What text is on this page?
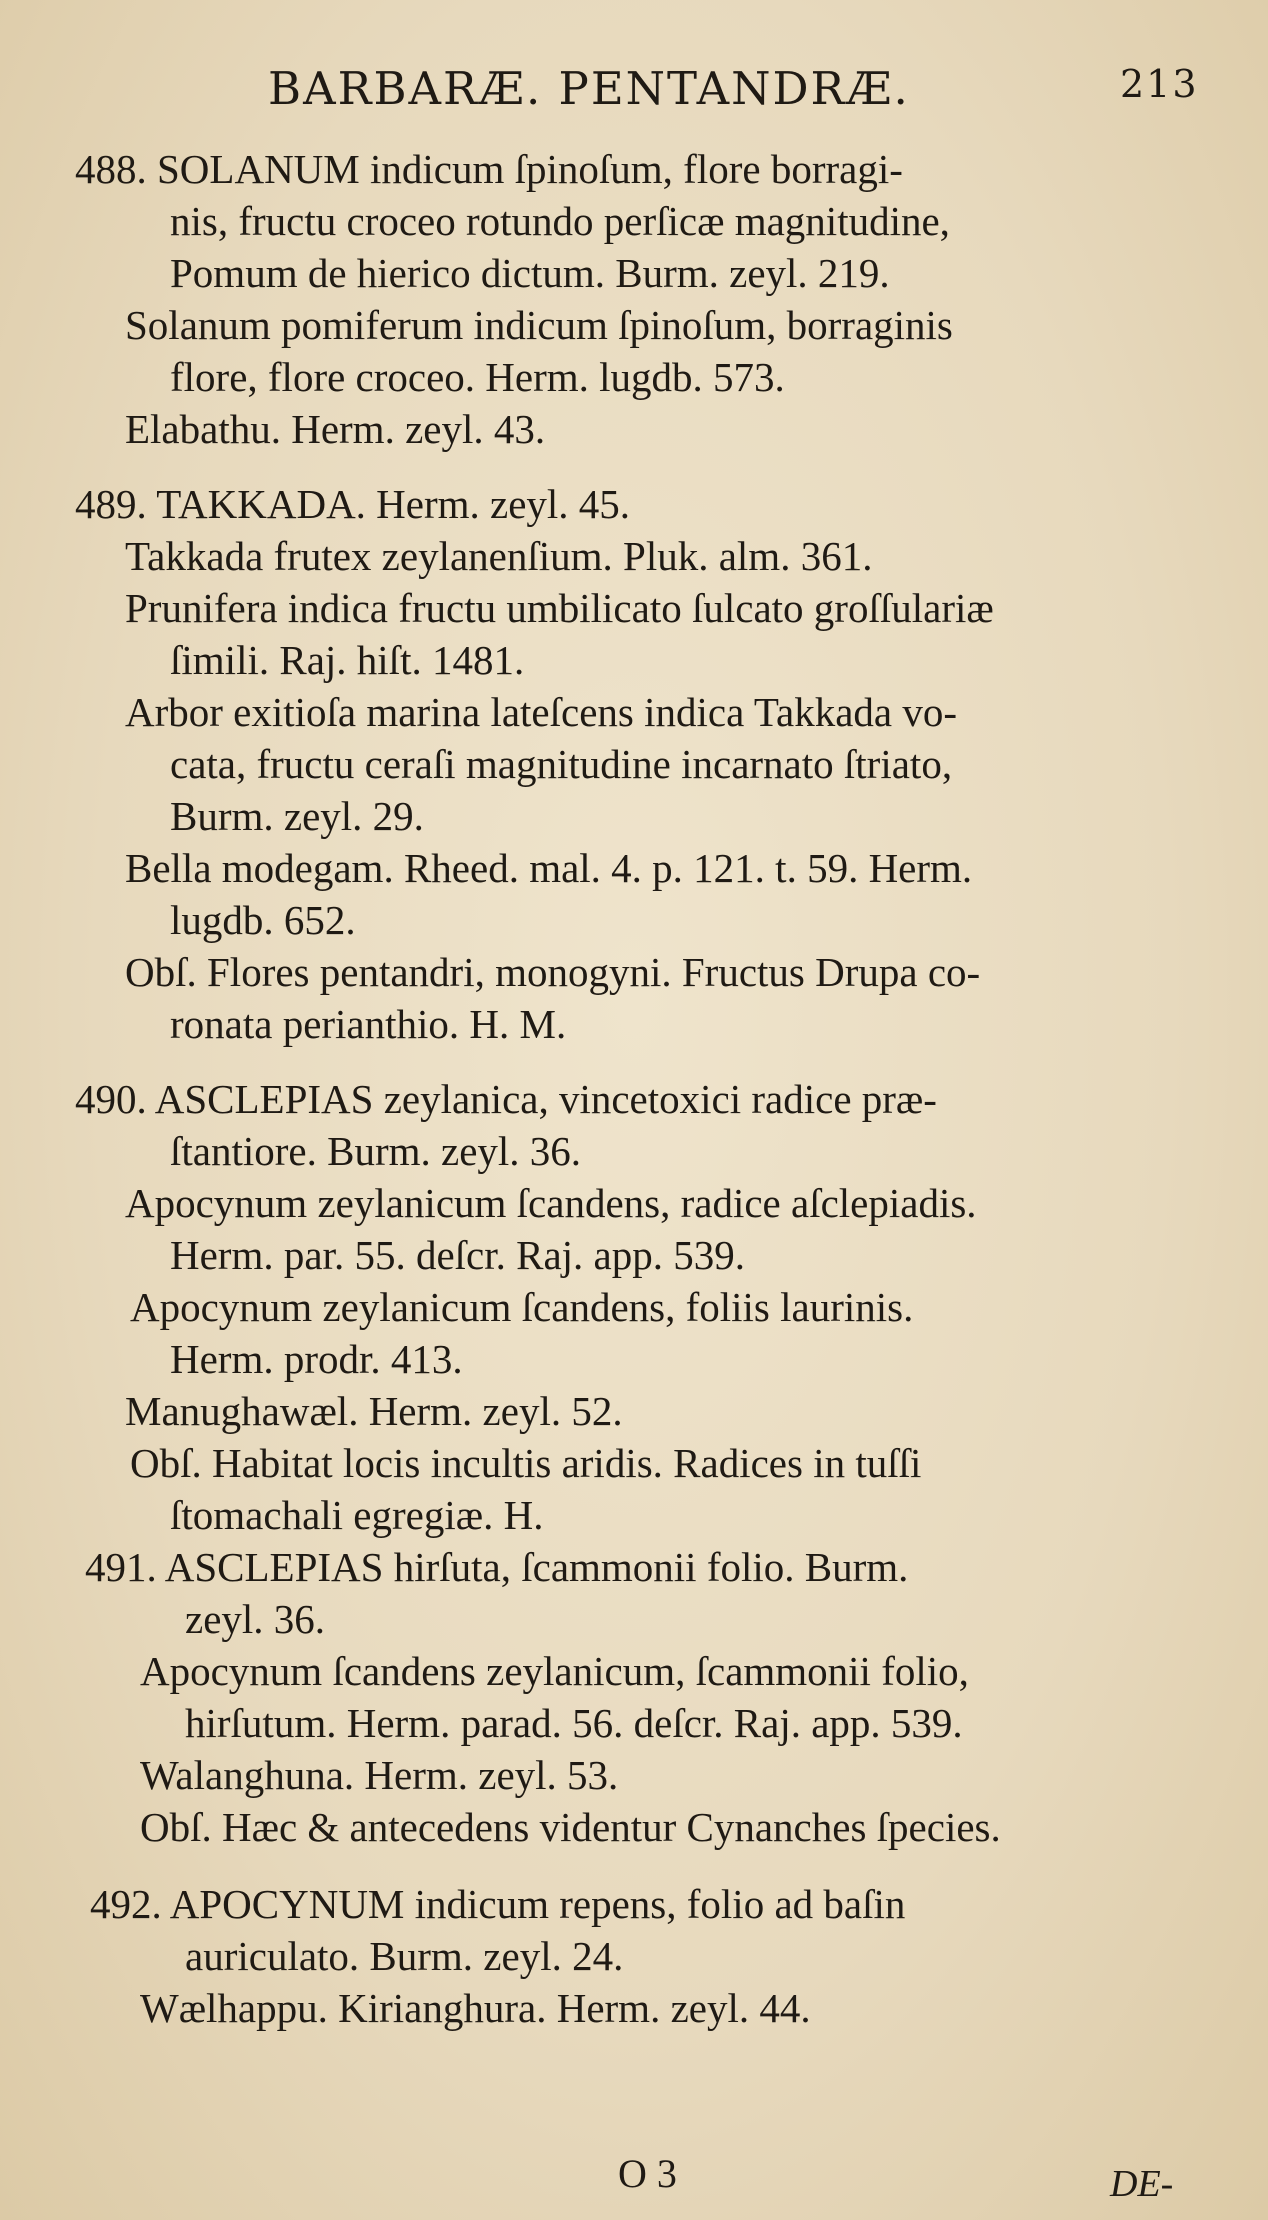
BARBARÆ. PENTANDRÆ.	213
488. SOLANUM indicum ſpinoſum, flore borragi-
nis, fructu croceo rotundo perſicæ magnitudine,
Pomum de hierico dictum. Burm. zeyl. 219.
Solanum pomiferum indicum ſpinoſum, borraginis
flore, flore croceo. Herm. lugdb. 573.
Elabathu. Herm. zeyl. 43.
489. TAKKADA. Herm. zeyl. 45.
Takkada frutex zeylanenſium. Pluk. alm. 361.
Prunifera indica fructu umbilicato ſulcato groſſulariæ
ſimili. Raj. hiſt. 1481.
Arbor exitioſa marina lateſcens indica Takkada vo-
cata, fructu ceraſi magnitudine incarnato ſtriato,
Burm. zeyl. 29.
Bella modegam. Rheed. mal. 4. p. 121. t. 59. Herm.
lugdb. 652.
Obſ. Flores pentandri, monogyni. Fructus Drupa co-
ronata perianthio. H. M.
490. ASCLEPIAS zeylanica, vincetoxici radice præ-
ſtantiore. Burm. zeyl. 36.
Apocynum zeylanicum ſcandens, radice aſclepiadis.
Herm. par. 55. deſcr. Raj. app. 539.
Apocynum zeylanicum ſcandens, foliis laurinis.
Herm. prodr. 413.
Manughawæl. Herm. zeyl. 52.
Obſ. Habitat locis incultis aridis. Radices in tuſſi
ſtomachali egregiæ. H.
491. ASCLEPIAS hirſuta, ſcammonii folio. Burm.
zeyl. 36.
Apocynum ſcandens zeylanicum, ſcammonii folio,
hirſutum. Herm. parad. 56. deſcr. Raj. app. 539.
Walanghuna. Herm. zeyl. 53.
Obſ. Hæc & antecedens videntur Cynanches ſpecies.
492. APOCYNUM indicum repens, folio ad baſin
auriculato. Burm. zeyl. 24.
Wælhappu. Kirianghura. Herm. zeyl. 44.
O 3	DE-
